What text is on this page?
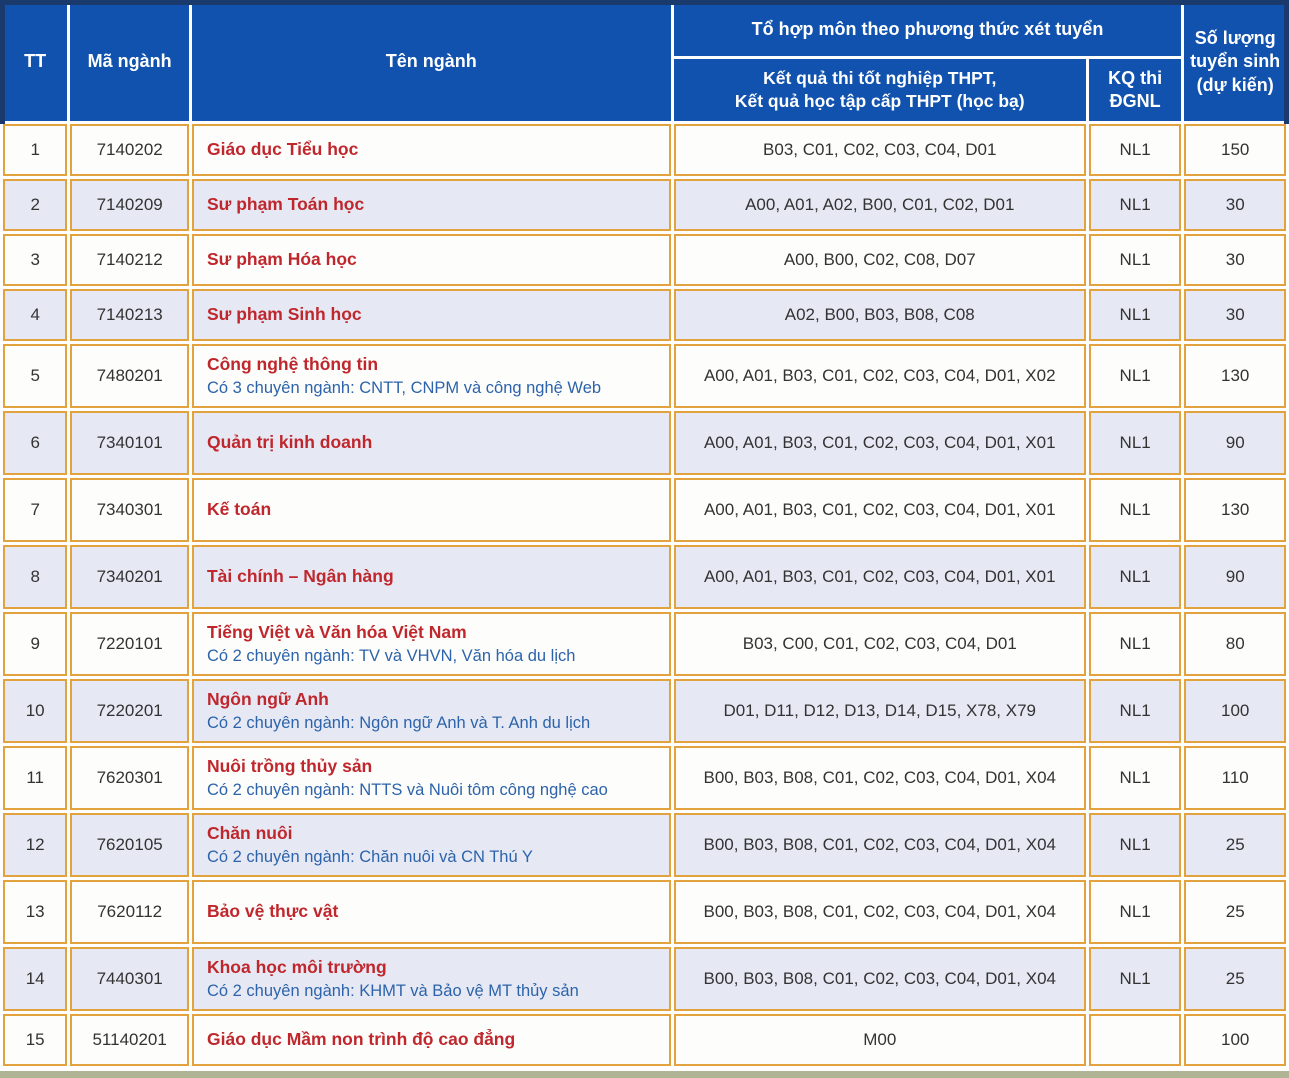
TT	Mã ngành	Tên ngành	Tổ hợp môn theo phương thức xét tuyển		Số lượng tuyển sinh (dự kiến)

			Kết quả thi tốt nghiệp THPT,
Kết quả học tập cấp THPT (học bạ)	KQ thi ĐGNL	
1	7140202	Giáo dục Tiểu học	B03, C01, C02, C03, C04, D01	NL1	150
2	7140209	Sư phạm Toán học	A00, A01, A02, B00, C01, C02, D01	NL1	30
3	7140212	Sư phạm Hóa học	A00, B00, C02, C08, D07	NL1	30
4	7140213	Sư phạm Sinh học	A02, B00, B03, B08, C08	NL1	30
5	7480201	Công nghệ thông tin
Có 3 chuyên ngành: CNTT, CNPM và công nghệ Web	A00, A01, B03, C01, C02, C03, C04, D01, X02	NL1	130
6	7340101	Quản trị kinh doanh	A00, A01, B03, C01, C02, C03, C04, D01, X01	NL1	90
7	7340301	Kế toán	A00, A01, B03, C01, C02, C03, C04, D01, X01	NL1	130
8	7340201	Tài chính – Ngân hàng	A00, A01, B03, C01, C02, C03, C04, D01, X01	NL1	90
9	7220101	Tiếng Việt và Văn hóa Việt Nam
Có 2 chuyên ngành: TV và VHVN, Văn hóa du lịch	B03, C00, C01, C02, C03, C04, D01	NL1	80
10	7220201	Ngôn ngữ Anh
Có 2 chuyên ngành: Ngôn ngữ Anh và T. Anh du lịch	D01, D11, D12, D13, D14, D15, X78, X79	NL1	100
11	7620301	Nuôi trồng thủy sản
Có 2 chuyên ngành: NTTS và Nuôi tôm công nghệ cao	B00, B03, B08, C01, C02, C03, C04, D01, X04	NL1	110
12	7620105	Chăn nuôi
Có 2 chuyên ngành: Chăn nuôi và CN Thú Y	B00, B03, B08, C01, C02, C03, C04, D01, X04	NL1	25
13	7620112	Bảo vệ thực vật	B00, B03, B08, C01, C02, C03, C04, D01, X04	NL1	25
14	7440301	Khoa học môi trường
Có 2 chuyên ngành: KHMT và Bảo vệ MT thủy sản	B00, B03, B08, C01, C02, C03, C04, D01, X04	NL1	25
15	51140201	Giáo dục Mầm non trình độ cao đẳng	M00		100
